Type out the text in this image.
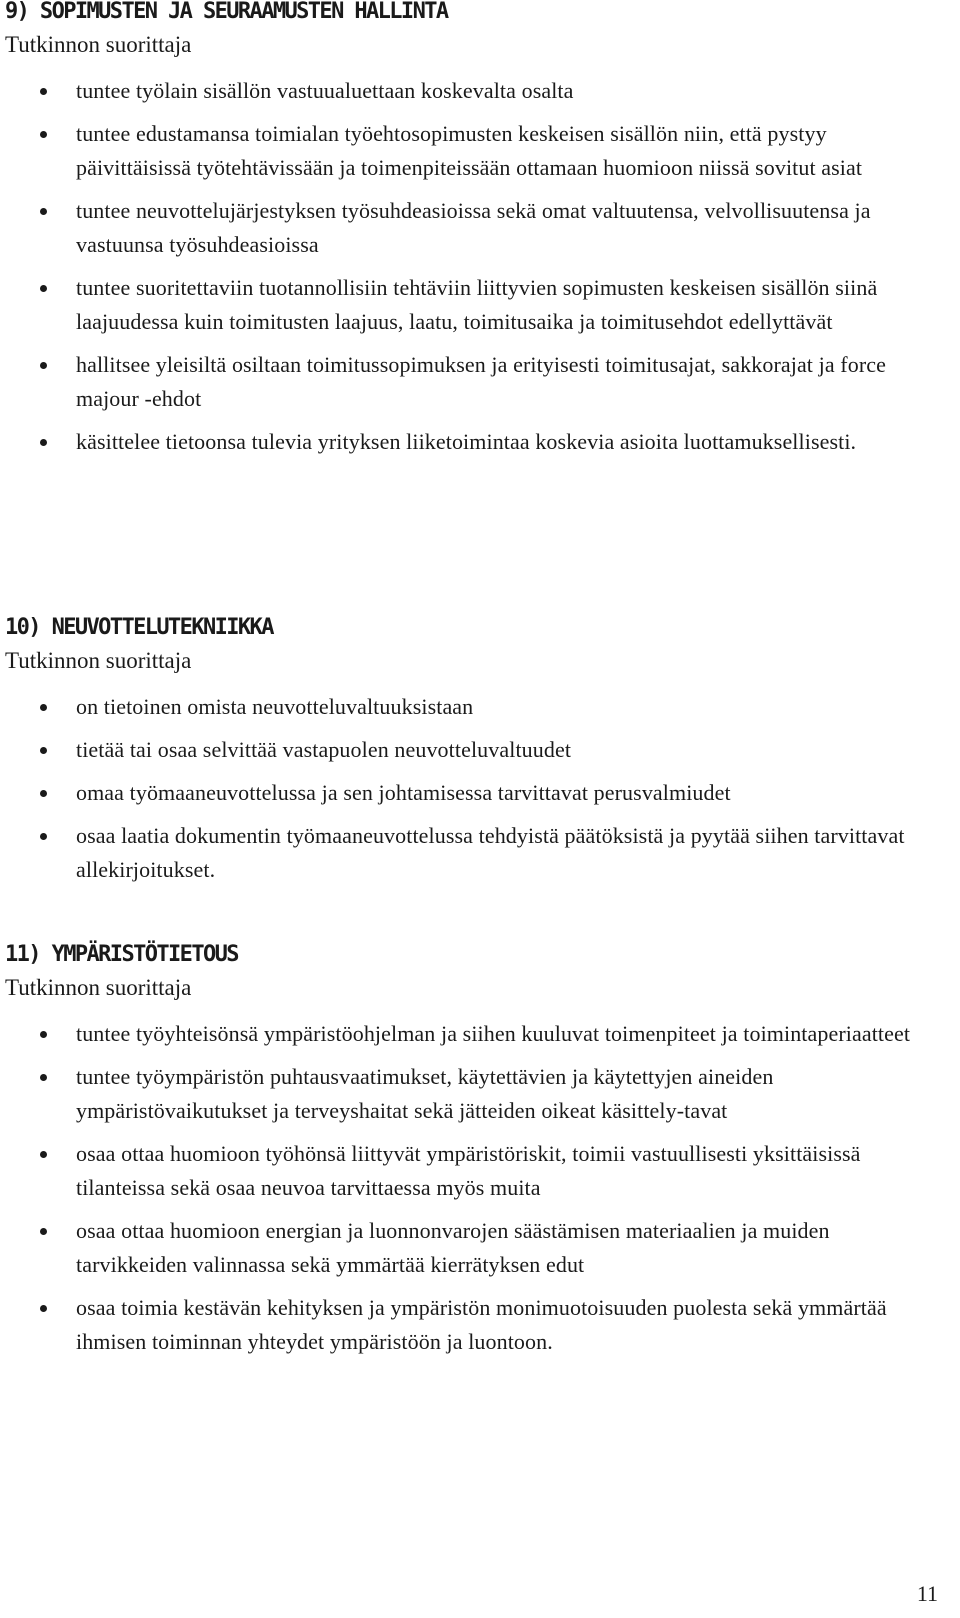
9) SOPIMUSTEN JA SEURAAMUSTEN HALLINTA
Tutkinnon suorittaja
tuntee työlain sisällön vastuualuettaan koskevalta osalta
tuntee edustamansa toimialan työehtosopimusten keskeisen sisällön niin, että pystyy päivittäisissä työtehtävissään ja toimenpiteissään ottamaan huomioon niissä sovitut asiat
tuntee neuvottelujärjestyksen työsuhdeasioissa sekä omat valtuutensa, velvollisuutensa ja vastuunsa työsuhdeasioissa
tuntee suoritettaviin tuotannollisiin tehtäviin liittyvien sopimusten keskeisen sisällön siinä laajuudessa kuin toimitusten laajuus, laatu, toimitusaika ja toimitusehdot edellyttävät
hallitsee yleisiltä osiltaan toimitussopimuksen ja erityisesti toimitusajat, sakkorajat ja force majour -ehdot
käsittelee tietoonsa tulevia yrityksen liiketoimintaa koskevia asioita luottamuksellisesti.
10) NEUVOTTELUTEKNIIKKA
Tutkinnon suorittaja
on tietoinen omista neuvotteluvaltuuksistaan
tietää tai osaa selvittää vastapuolen neuvotteluvaltuudet
omaa työmaaneuvottelussa ja sen johtamisessa tarvittavat perusvalmiudet
osaa laatia dokumentin työmaaneuvottelussa tehdyistä päätöksistä ja pyytää siihen tarvittavat allekirjoitukset.
11) YMPÄRISTÖTIETOUS
Tutkinnon suorittaja
tuntee työyhteisönsä ympäristöohjelman ja siihen kuuluvat toimenpiteet ja toimintaperiaatteet
tuntee työympäristön puhtausvaatimukset, käytettävien ja käytettyjen aineiden ympäristövaikutukset ja terveyshaitat sekä jätteiden oikeat käsittely-tavat
osaa ottaa huomioon työhönsä liittyvät ympäristöriskit, toimii vastuullisesti yksittäisissä tilanteissa sekä osaa neuvoa tarvittaessa myös muita
osaa ottaa huomioon energian ja luonnonvarojen säästämisen materiaalien ja muiden tarvikkeiden valinnassa sekä ymmärtää kierrätyksen edut
osaa toimia kestävän kehityksen ja ympäristön monimuotoisuuden puolesta sekä ymmärtää ihmisen toiminnan yhteydet ympäristöön ja luontoon.
11
